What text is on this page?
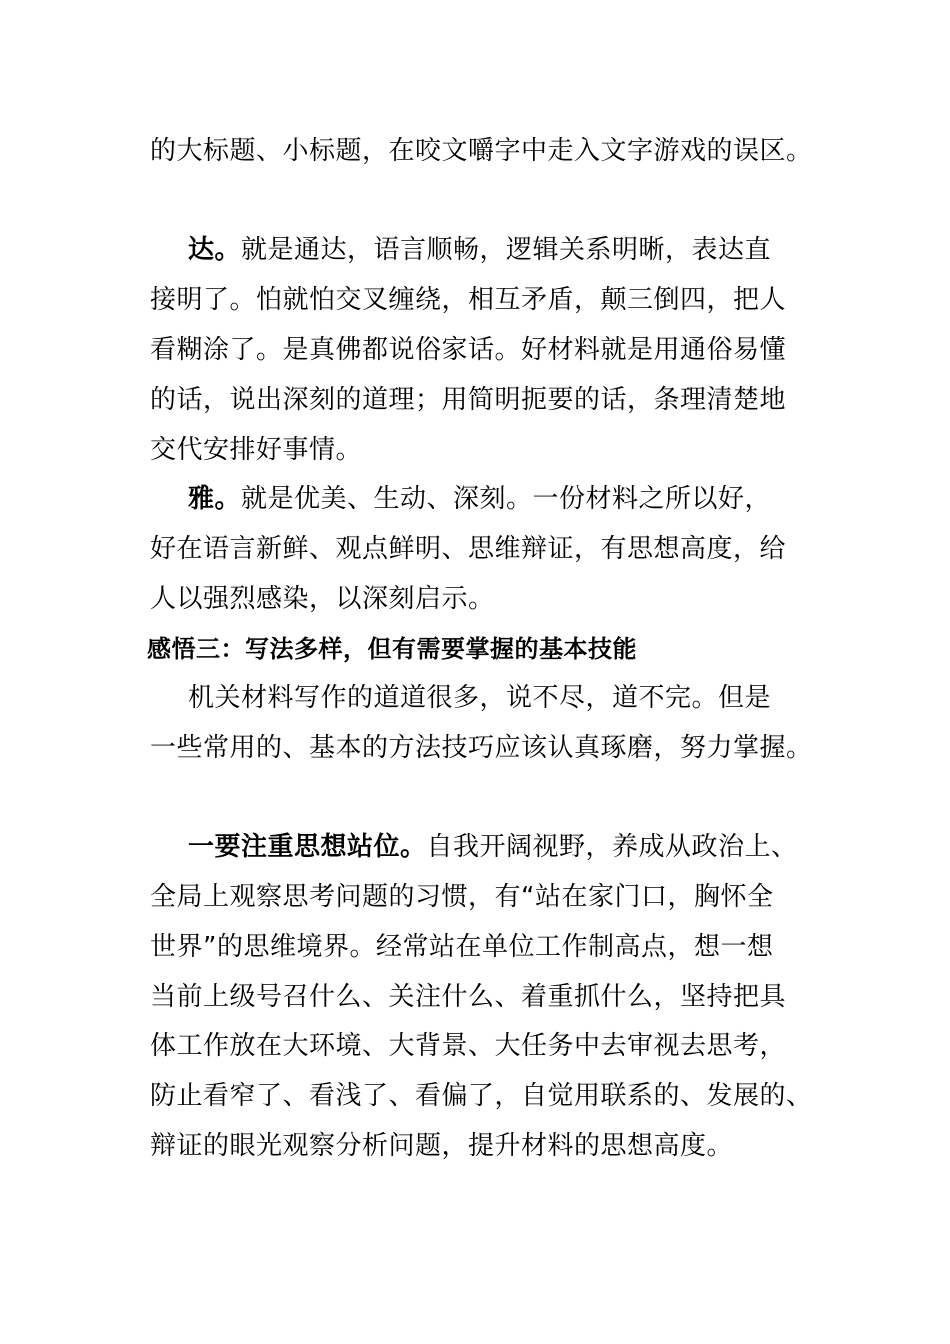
的大标题、小标题，在咬文嚼字中走入文字游戏的误区。
达。就是通达，语言顺畅，逻辑关系明晰，表达直
接明了。怕就怕交叉缠绕，相互矛盾，颠三倒四，把人
看糊涂了。是真佛都说俗家话。好材料就是用通俗易懂
的话，说出深刻的道理；用简明扼要的话，条理清楚地
交代安排好事情。
雅。就是优美、生动、深刻。一份材料之所以好，
好在语言新鲜、观点鲜明、思维辩证，有思想高度，给
人以强烈感染，以深刻启示。
感悟三：写法多样，但有需要掌握的基本技能
机关材料写作的道道很多，说不尽，道不完。但是
一些常用的、基本的方法技巧应该认真琢磨，努力掌握。
一要注重思想站位。自我开阔视野，养成从政治上、
全局上观察思考问题的习惯，有“站在家门口，胸怀全
世界”的思维境界。经常站在单位工作制高点，想一想
当前上级号召什么、关注什么、着重抓什么，坚持把具
体工作放在大环境、大背景、大任务中去审视去思考，
防止看窄了、看浅了、看偏了，自觉用联系的、发展的、
辩证的眼光观察分析问题，提升材料的思想高度。
